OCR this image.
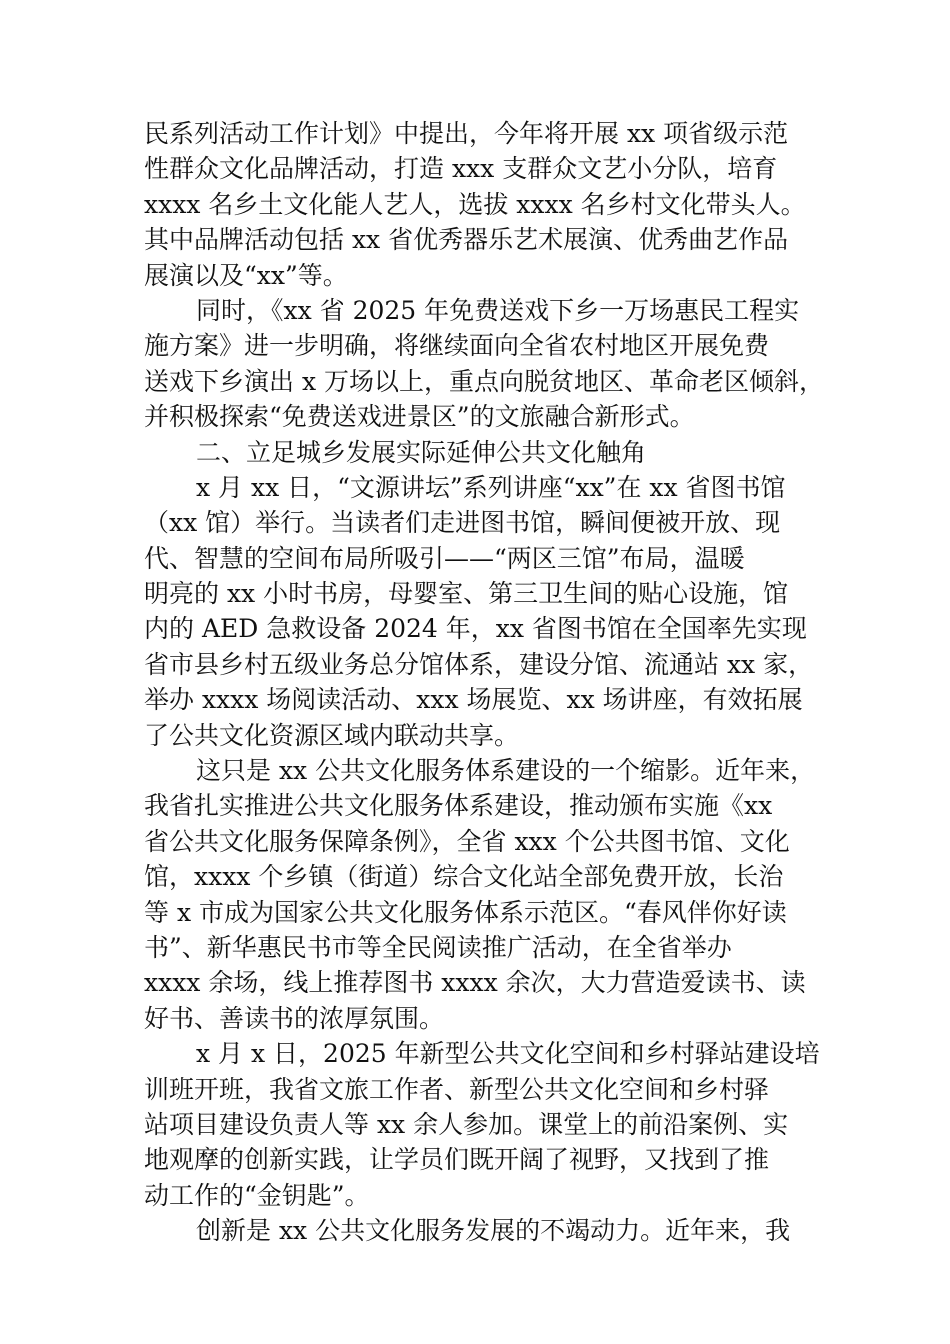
民系列活动工作计划》中提出，今年将开展 xx 项省级示范
性群众文化品牌活动，打造 xxx 支群众文艺小分队，培育
xxxx 名乡土文化能人艺人，选拔 xxxx 名乡村文化带头人。
其中品牌活动包括 xx 省优秀器乐艺术展演、优秀曲艺作品
展演以及“xx”等。
同时，《xx 省 2025 年免费送戏下乡一万场惠民工程实
施方案》进一步明确，将继续面向全省农村地区开展免费
送戏下乡演出 x 万场以上，重点向脱贫地区、革命老区倾斜，
并积极探索“免费送戏进景区”的文旅融合新形式。
二、立足城乡发展实际延伸公共文化触角
x 月 xx 日，“文源讲坛”系列讲座“xx”在 xx 省图书馆
（xx 馆）举行。当读者们走进图书馆，瞬间便被开放、现
代、智慧的空间布局所吸引——“两区三馆”布局，温暖
明亮的 xx 小时书房，母婴室、第三卫生间的贴心设施，馆
内的 AED 急救设备 2024 年，xx 省图书馆在全国率先实现
省市县乡村五级业务总分馆体系，建设分馆、流通站 xx 家，
举办 xxxx 场阅读活动、xxx 场展览、xx 场讲座，有效拓展
了公共文化资源区域内联动共享。
这只是 xx 公共文化服务体系建设的一个缩影。近年来，
我省扎实推进公共文化服务体系建设，推动颁布实施《xx
省公共文化服务保障条例》，全省 xxx 个公共图书馆、文化
馆，xxxx 个乡镇（街道）综合文化站全部免费开放，长治
等 x 市成为国家公共文化服务体系示范区。“春风伴你好读
书”、新华惠民书市等全民阅读推广活动，在全省举办
xxxx 余场，线上推荐图书 xxxx 余次，大力营造爱读书、读
好书、善读书的浓厚氛围。
x 月 x 日，2025 年新型公共文化空间和乡村驿站建设培
训班开班，我省文旅工作者、新型公共文化空间和乡村驿
站项目建设负责人等 xx 余人参加。课堂上的前沿案例、实
地观摩的创新实践，让学员们既开阔了视野，又找到了推
动工作的“金钥匙”。
创新是 xx 公共文化服务发展的不竭动力。近年来，我
